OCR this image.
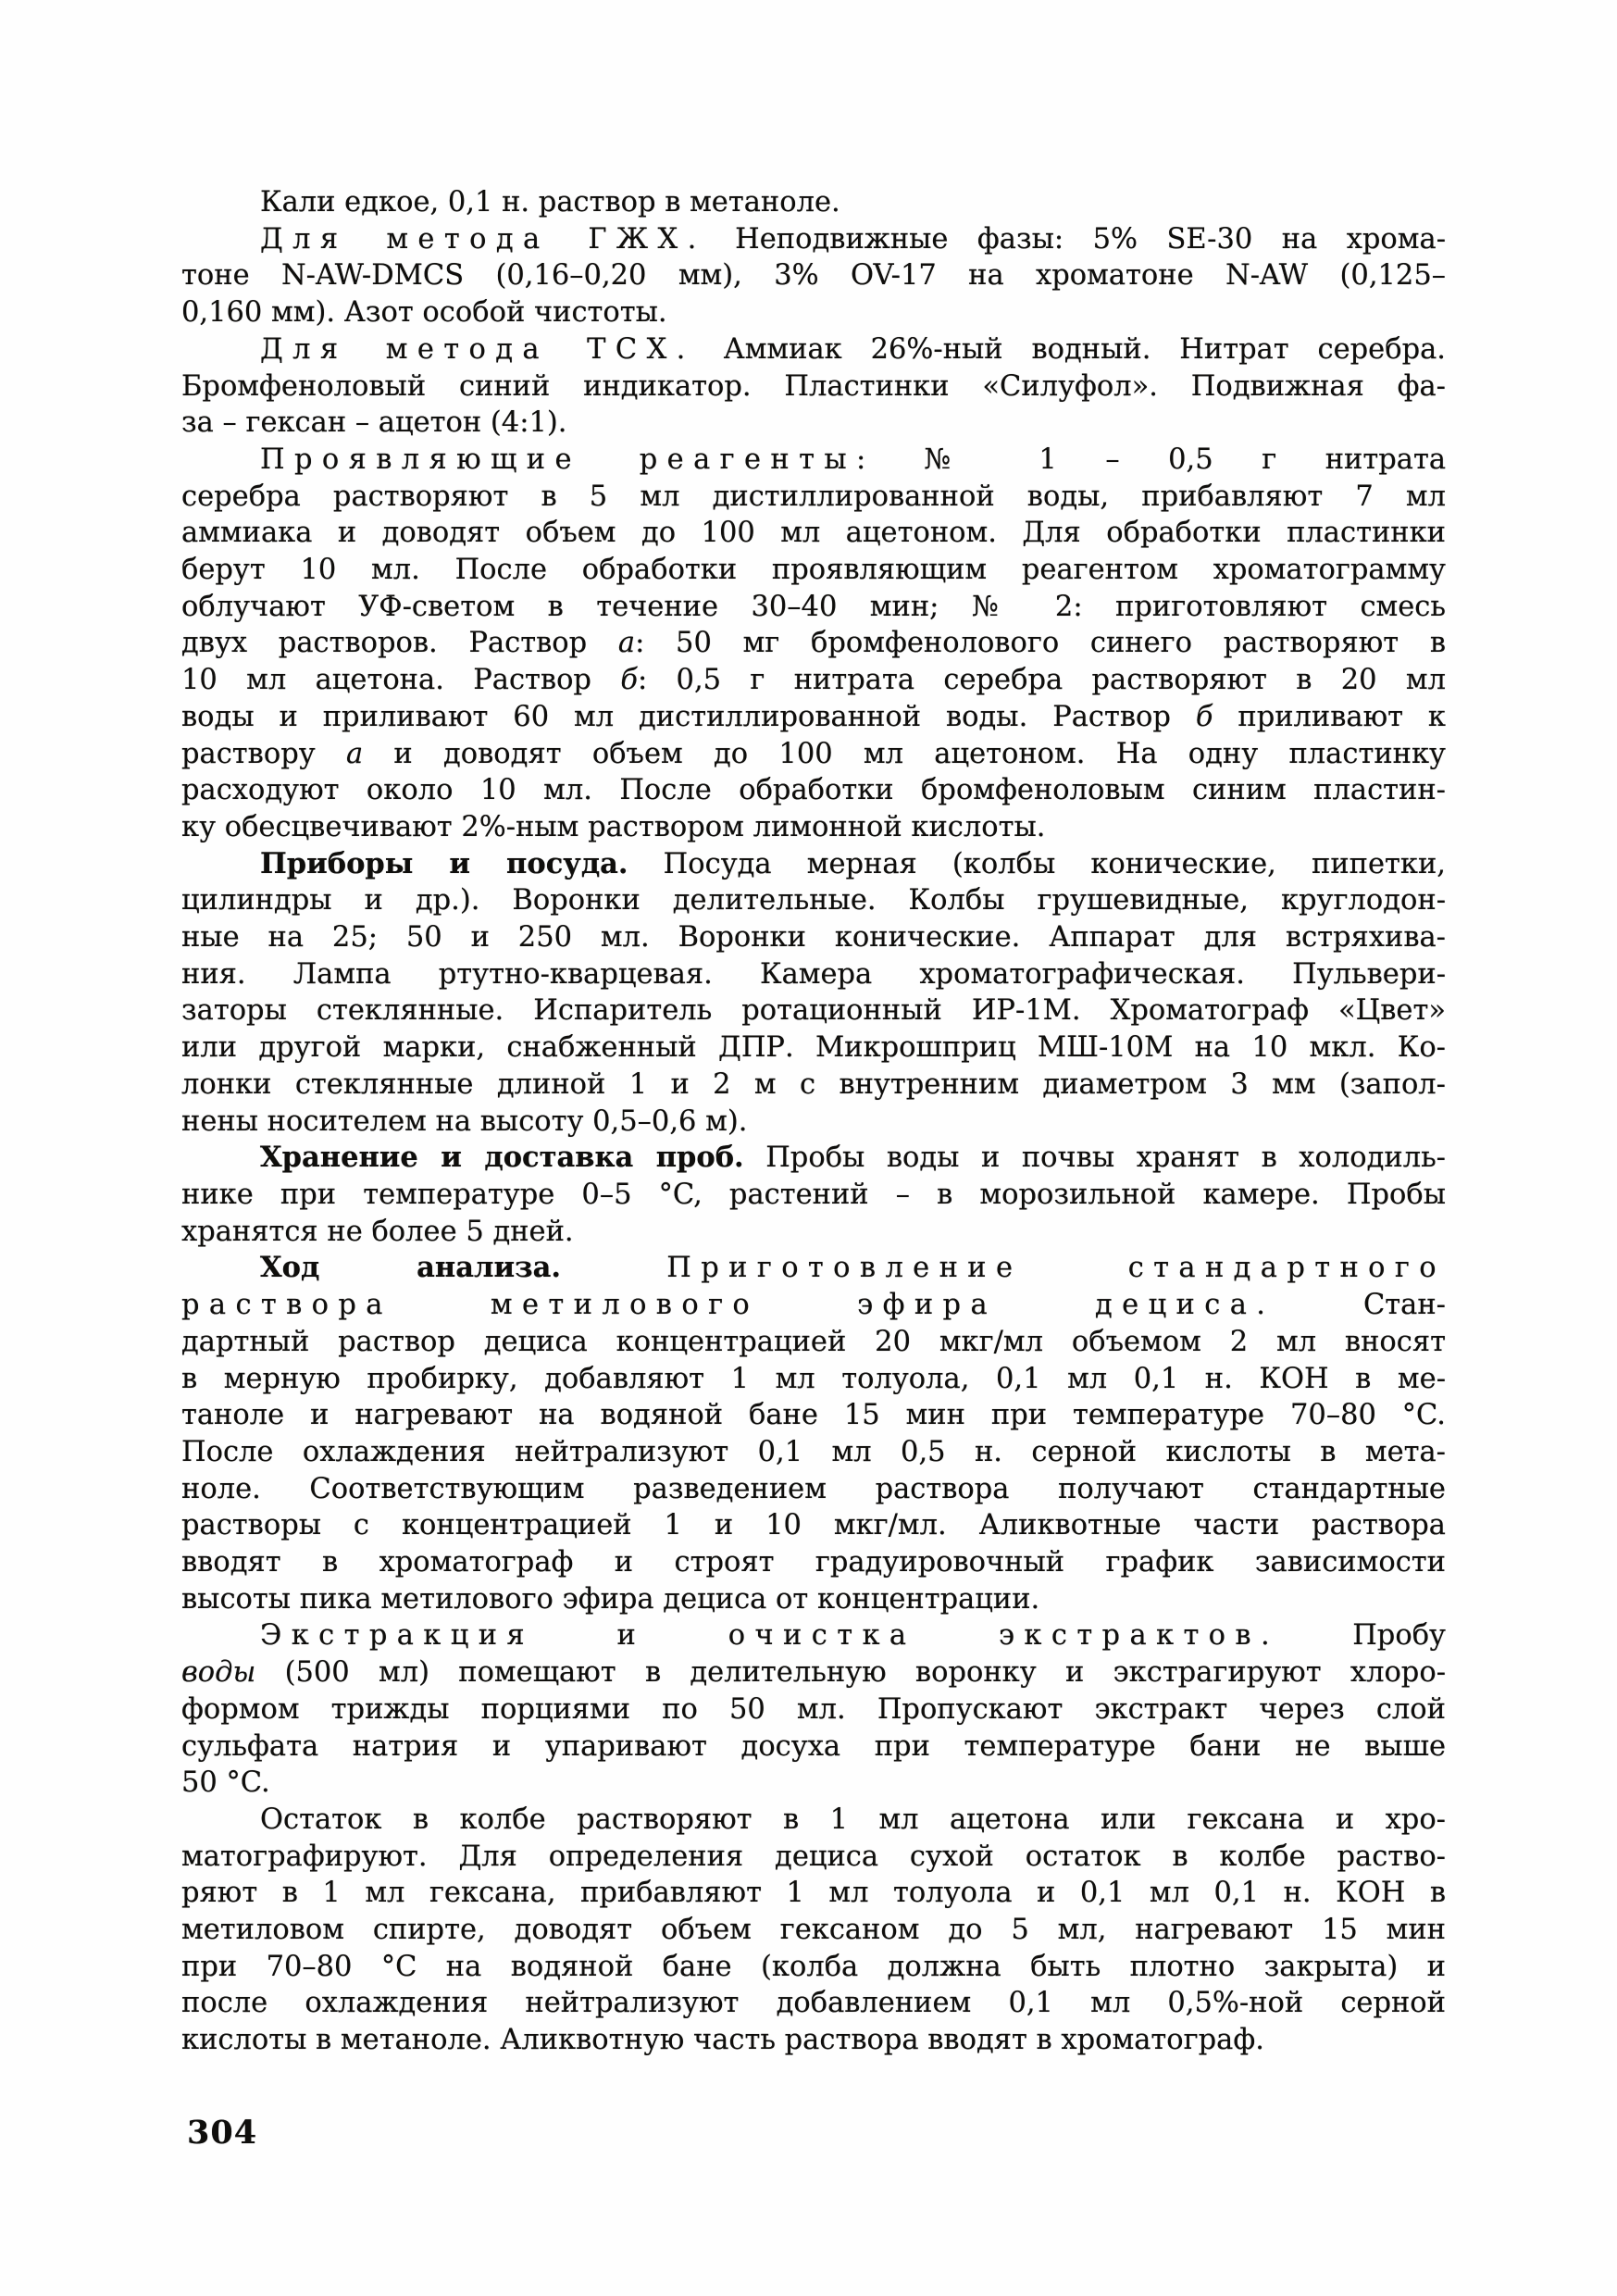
Кали едкое, 0,1 н. раствор в метаноле.
Для метода ГЖХ. Неподвижные фазы: 5% SE-30 на хрома-
тоне N-AW-DMCS (0,16–0,20 мм), 3% OV-17 на хроматоне N-AW (0,125–
0,160 мм). Азот особой чистоты.
Для метода ТСХ. Аммиак 26%-ный водный. Нитрат серебра.
Бромфеноловый синий индикатор. Пластинки «Силуфол». Подвижная фа-
за – гексан – ацетон (4:1).
Проявляющие реагенты: № 1 – 0,5 г нитрата
серебра растворяют в 5 мл дистиллированной воды, прибавляют 7 мл
аммиака и доводят объем до 100 мл ацетоном. Для обработки пластинки
берут 10 мл. После обработки проявляющим реагентом хроматограмму
облучают УФ-светом в течение 30–40 мин; № 2: приготовляют смесь
двух растворов. Раствор а: 50 мг бромфенолового синего растворяют в
10 мл ацетона. Раствор б: 0,5 г нитрата серебра растворяют в 20 мл
воды и приливают 60 мл дистиллированной воды. Раствор б приливают к
раствору а и доводят объем до 100 мл ацетоном. На одну пластинку
расходуют около 10 мл. После обработки бромфеноловым синим пластин-
ку обесцвечивают 2%-ным раствором лимонной кислоты.
Приборы и посуда. Посуда мерная (колбы конические, пипетки,
цилиндры и др.). Воронки делительные. Колбы грушевидные, круглодон-
ные на 25; 50 и 250 мл. Воронки конические. Аппарат для встряхива-
ния. Лампа ртутно-кварцевая. Камера хроматографическая. Пульвери-
заторы стеклянные. Испаритель ротационный ИР-1М. Хроматограф «Цвет»
или другой марки, снабженный ДПР. Микрошприц МШ-10М на 10 мкл. Ко-
лонки стеклянные длиной 1 и 2 м с внутренним диаметром 3 мм (запол-
нены носителем на высоту 0,5–0,6 м).
Хранение и доставка проб. Пробы воды и почвы хранят в холодиль-
нике при температуре 0–5 °C, растений – в морозильной камере. Пробы
хранятся не более 5 дней.
Ход анализа. Приготовление стандартного
раствора метилового эфира дециса. Стан-
дартный раствор дециса концентрацией 20 мкг/мл объемом 2 мл вносят
в мерную пробирку, добавляют 1 мл толуола, 0,1 мл 0,1 н. КОН в ме-
таноле и нагревают на водяной бане 15 мин при температуре 70–80 °C.
После охлаждения нейтрализуют 0,1 мл 0,5 н. серной кислоты в мета-
ноле. Соответствующим разведением раствора получают стандартные
растворы с концентрацией 1 и 10 мкг/мл. Аликвотные части раствора
вводят в хроматограф и строят градуировочный график зависимости
высоты пика метилового эфира дециса от концентрации.
Экстракция и очистка экстрактов. Пробу
воды (500 мл) помещают в делительную воронку и экстрагируют хлоро-
формом трижды порциями по 50 мл. Пропускают экстракт через слой
сульфата натрия и упаривают досуха при температуре бани не выше
50 °C.
Остаток в колбе растворяют в 1 мл ацетона или гексана и хро-
матографируют. Для определения дециса сухой остаток в колбе раство-
ряют в 1 мл гексана, прибавляют 1 мл толуола и 0,1 мл 0,1 н. КОН в
метиловом спирте, доводят объем гексаном до 5 мл, нагревают 15 мин
при 70–80 °C на водяной бане (колба должна быть плотно закрыта) и
после охлаждения нейтрализуют добавлением 0,1 мл 0,5%-ной серной
кислоты в метаноле. Аликвотную часть раствора вводят в хроматограф.
304
